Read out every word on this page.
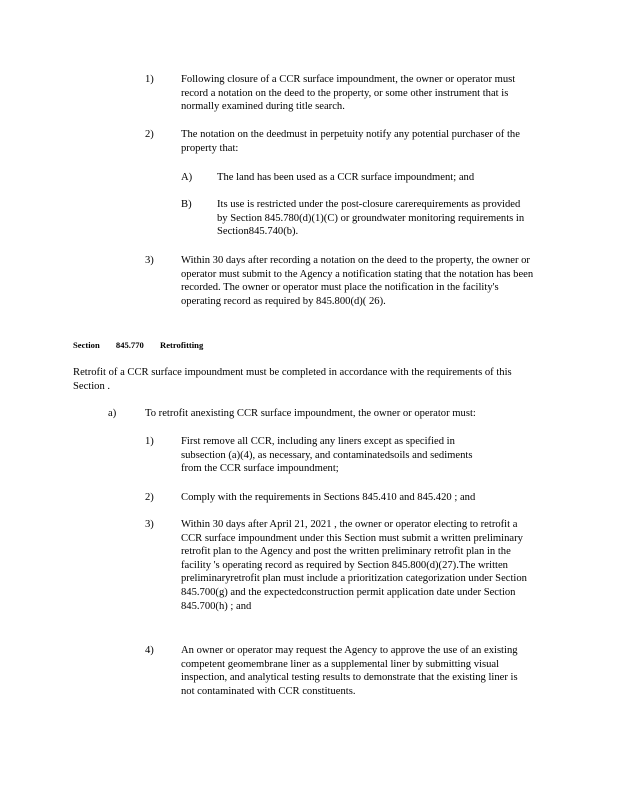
1)	Following closure of a CCR surface impoundment, the owner or operator must record a notation on the deed to the property, or some other instrument that is normally examined during title search.

2)	The notation on the deedmust in perpetuity notify any potential purchaser of the property that:

A) The land has been used as a CCR surface impoundment; and

B) Its use is restricted under the post-closure carerequirements as provided by Section 845.780(d)(1)(C) or groundwater monitoring requirements in Section845.740(b).

3)	Within 30 days after recording a notation on the deed to the property, the owner or operator must submit to the Agency a notification stating that the notation has been recorded. The owner or operator must place the notification in the facility's operating record as required by 845.800(d)( 26).

Section 845.770 Retrofitting

Retrofit of a CCR surface impoundment must be completed in accordance with the requirements of this Section .

a)	To retrofit anexisting CCR surface impoundment, the owner or operator must:

1)	First remove all CCR, including any liners except as specified in subsection (a)(4), as necessary, and contaminatedsoils and sediments from the CCR surface impoundment;

2)	Comply with the requirements in Sections 845.410 and 845.420 ; and

3)	Within 30 days after April 21, 2021 , the owner or operator electing to retrofit a CCR surface impoundment under this Section must submit a written preliminary retrofit plan to the Agency and post the written preliminary retrofit plan in the facility 's operating record as required by Section 845.800(d)(27).The written preliminaryretrofit plan must include a prioritization categorization under Section 845.700(g) and the expectedconstruction permit application date under Section 845.700(h) ; and

4)	An owner or operator may request the Agency to approve the use of an existing competent geomembrane liner as a supplemental liner by submitting visual inspection, and analytical testing results to demonstrate that the existing liner is not contaminated with CCR constituents.
